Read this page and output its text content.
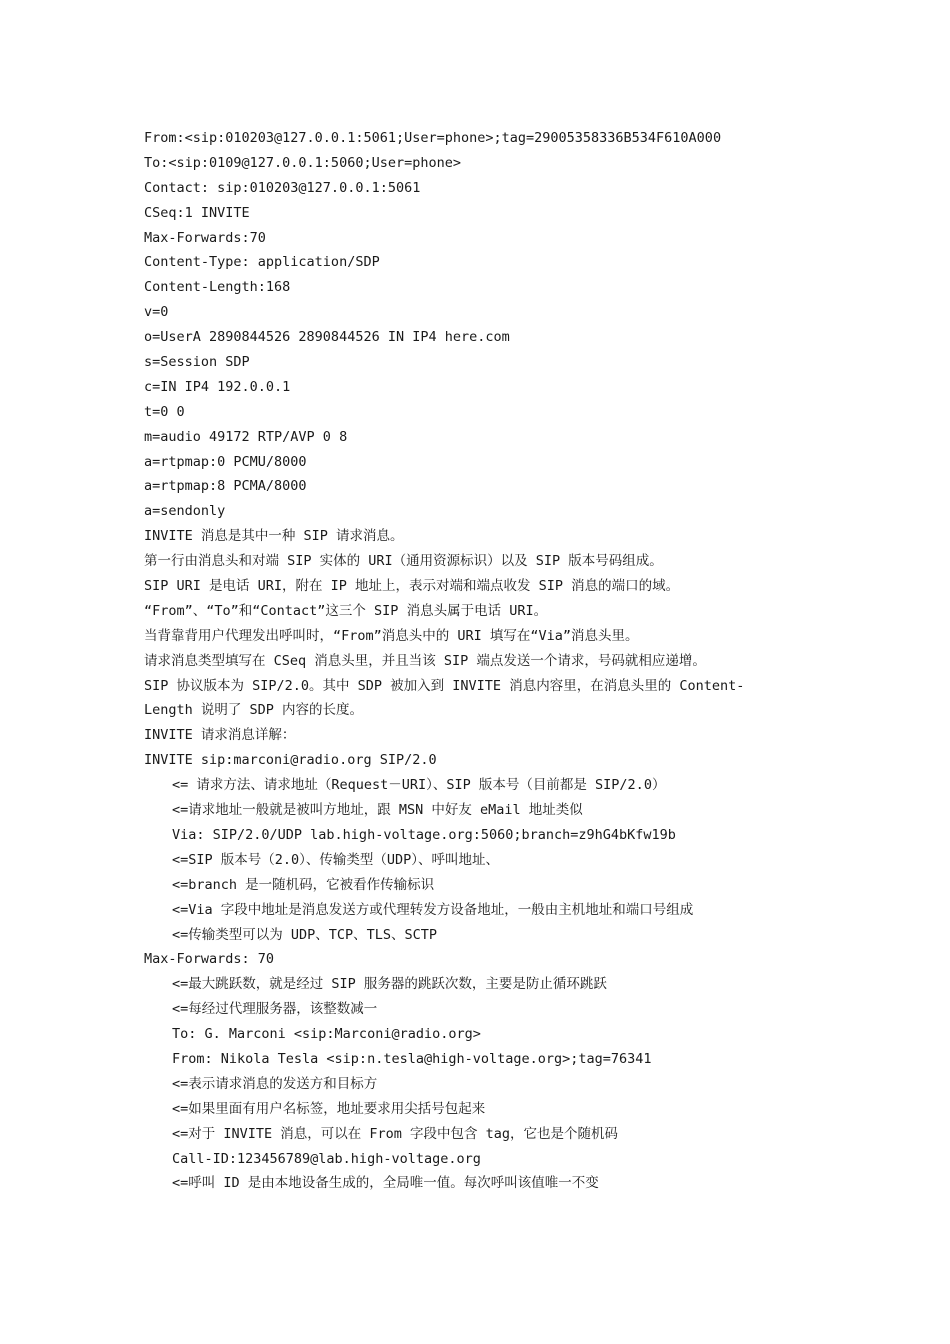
From:<sip:010203@127.0.0.1:5061;User=phone>;tag=29005358336B534F610A000
To:<sip:0109@127.0.0.1:5060;User=phone>
Contact: sip:010203@127.0.0.1:5061
CSeq:1 INVITE
Max-Forwards:70
Content-Type: application/SDP
Content-Length:168
v=0
o=UserA 2890844526 2890844526 IN IP4 here.com
s=Session SDP
c=IN IP4 192.0.0.1
t=0 0
m=audio 49172 RTP/AVP 0 8
a=rtpmap:0 PCMU/8000
a=rtpmap:8 PCMA/8000
a=sendonly
INVITE 消息是其中一种 SIP 请求消息。
第一行由消息头和对端 SIP 实体的 URI（通用资源标识）以及 SIP 版本号码组成。
SIP URI 是电话 URI，附在 IP 地址上，表示对端和端点收发 SIP 消息的端口的域。
“From”、“To”和“Contact”这三个 SIP 消息头属于电话 URI。
当背靠背用户代理发出呼叫时，“From”消息头中的 URI 填写在“Via”消息头里。
请求消息类型填写在 CSeq 消息头里，并且当该 SIP 端点发送一个请求，号码就相应递增。
SIP 协议版本为 SIP/2.0。其中 SDP 被加入到 INVITE 消息内容里，在消息头里的 Content-
Length 说明了 SDP 内容的长度。
INVITE 请求消息详解：
INVITE sip:marconi@radio.org SIP/2.0
<= 请求方法、请求地址（Request－URI）、SIP 版本号（目前都是 SIP/2.0）
<=请求地址一般就是被叫方地址，跟 MSN 中好友 eMail 地址类似
Via: SIP/2.0/UDP lab.high-voltage.org:5060;branch=z9hG4bKfw19b
<=SIP 版本号（2.0）、传输类型（UDP）、呼叫地址、
<=branch 是一随机码，它被看作传输标识
<=Via 字段中地址是消息发送方或代理转发方设备地址，一般由主机地址和端口号组成
<=传输类型可以为 UDP、TCP、TLS、SCTP
Max-Forwards: 70
<=最大跳跃数，就是经过 SIP 服务器的跳跃次数，主要是防止循环跳跃
<=每经过代理服务器，该整数减一
To: G. Marconi <sip:Marconi@radio.org>
From: Nikola Tesla <sip:n.tesla@high-voltage.org>;tag=76341
<=表示请求消息的发送方和目标方
<=如果里面有用户名标签，地址要求用尖括号包起来
<=对于 INVITE 消息，可以在 From 字段中包含 tag，它也是个随机码
Call-ID:123456789@lab.high-voltage.org
<=呼叫 ID 是由本地设备生成的，全局唯一值。每次呼叫该值唯一不变
